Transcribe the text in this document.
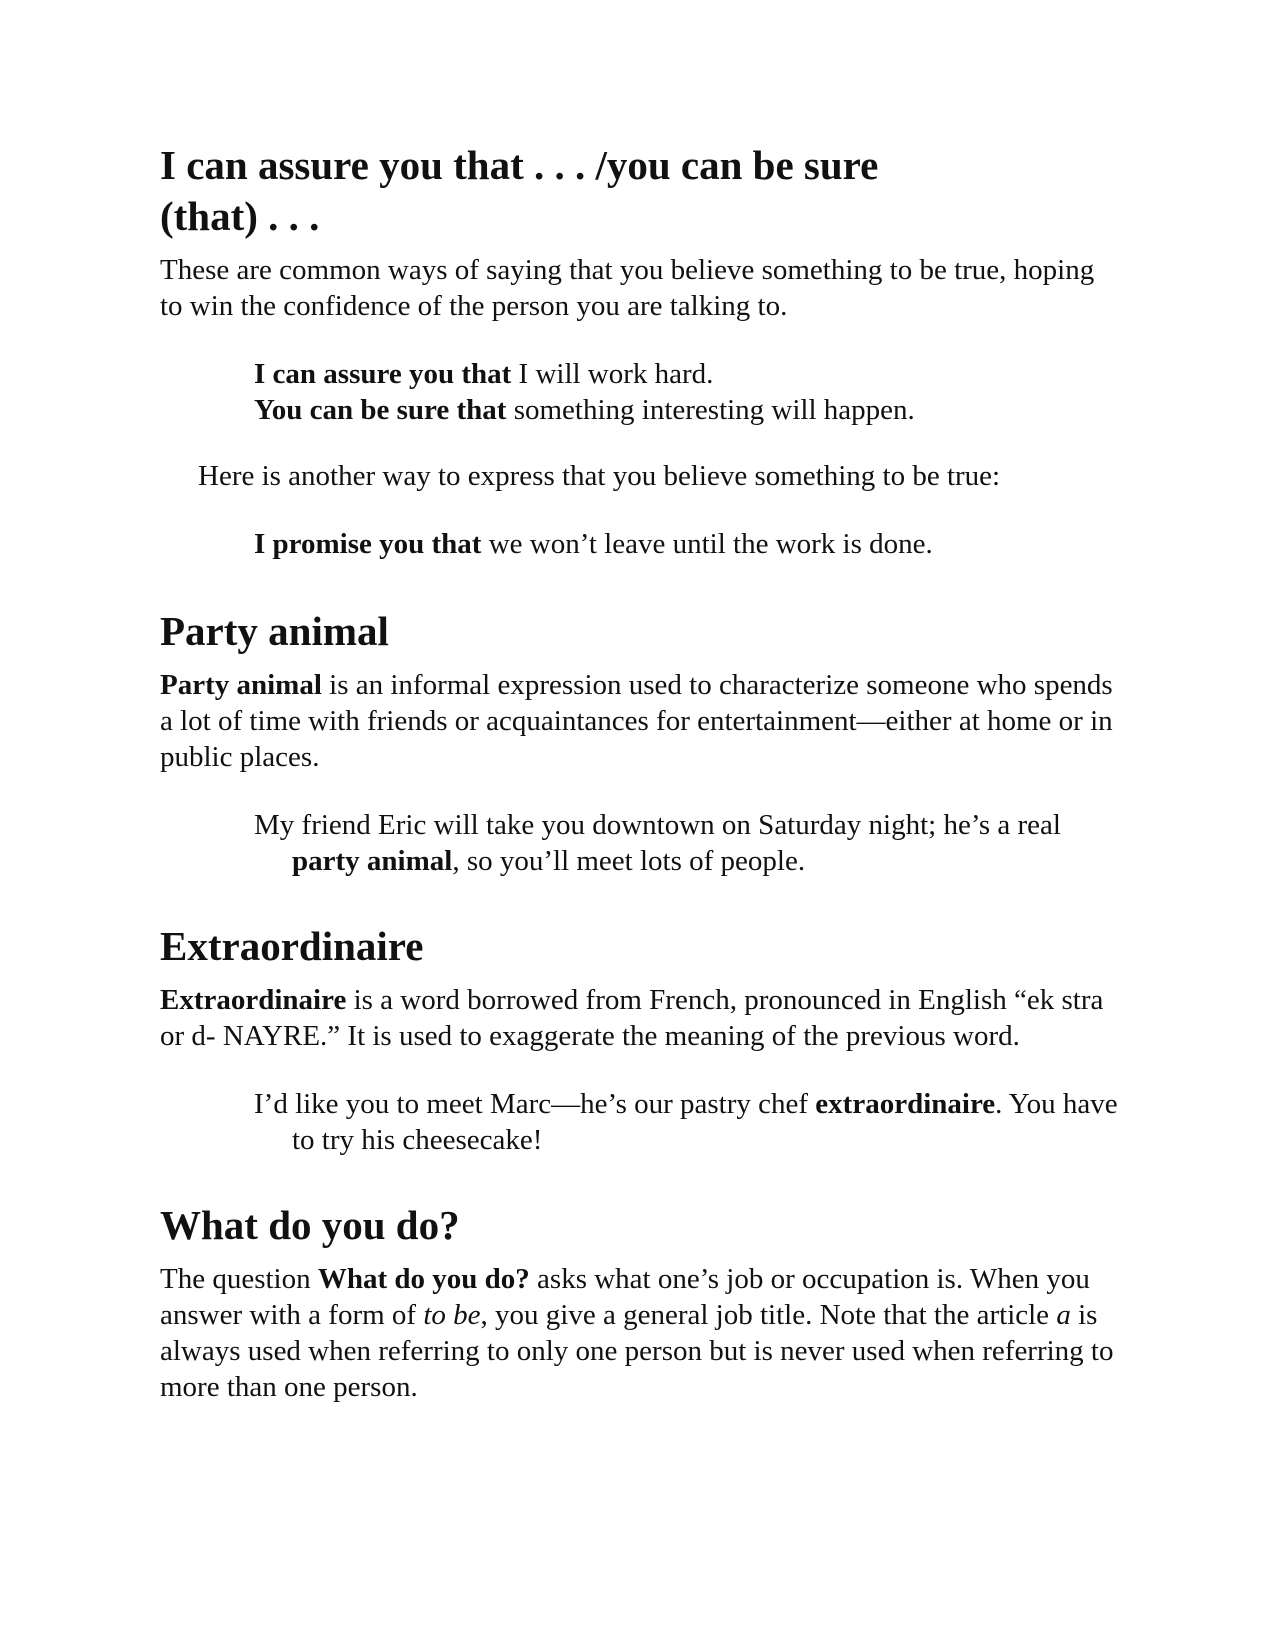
I can assure you that . . . /you can be sure (that) . . .

These are common ways of saying that you believe something to be true, hoping to win the confidence of the person you are talking to.

I can assure you that I will work hard.
You can be sure that something interesting will happen.

Here is another way to express that you believe something to be true:

I promise you that we won’t leave until the work is done.
Party animal

Party animal is an informal expression used to characterize someone who spends a lot of time with friends or acquaintances for entertainment—either at home or in public places.

My friend Eric will take you downtown on Saturday night; he’s a real party animal, so you’ll meet lots of people.

Extraordinaire

Extraordinaire is a word borrowed from French, pronounced in English “ek stra or d- NAYRE.” It is used to exaggerate the meaning of the previous word.

I’d like you to meet Marc—he’s our pastry chef extraordinaire. You have to try his cheesecake!

What do you do?

The question What do you do? asks what one’s job or occupation is. When you answer with a form of to be, you give a general job title. Note that the article a is always used when referring to only one person but is never used when referring to more than one person.
